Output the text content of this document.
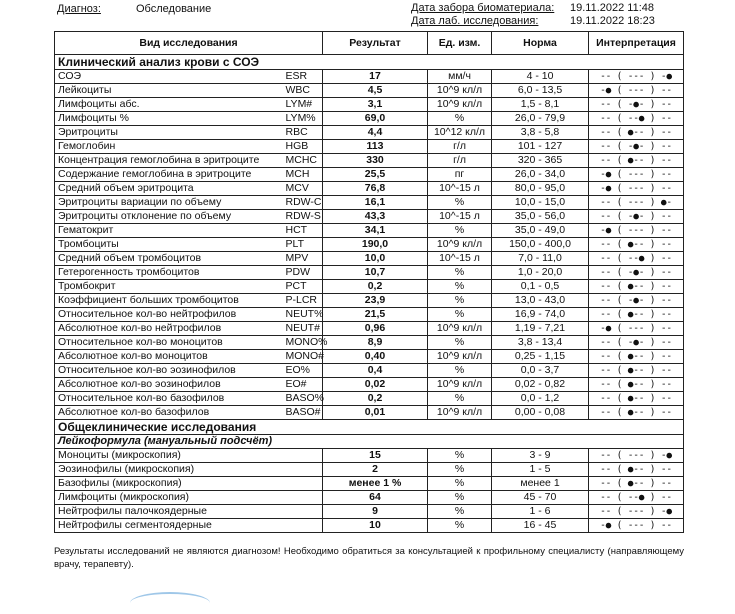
Диагноз:	Обследование	Дата забора биоматериала: 19.11.2022 11:48
Дата лаб. исследования:	19.11.2022 18:23
Вид исследования		Результат	Ед. изм.	Норма	Интерпретация
Клинический анализ крови с СОЭ					
СОЭ	ESR	17	мм/ч	4 - 10	-- ( --- ) -●
Лейкоциты	WBC	4,5	10^9 кл/л	6,0 - 13,5	-● ( --- ) --
Лимфоциты абс.	LYM#	3,1	10^9 кл/л	1,5 - 8,1	-- ( -●- ) --
Лимфоциты %	LYM%	69,0	%	26,0 - 79,9	-- ( --● ) --
Эритроциты	RBC	4,4	10^12 кл/л	3,8 - 5,8	-- ( ●-- ) --
Гемоглобин	HGB	113	г/л	101 - 127	-- ( -●- ) --
Концентрация гемоглобина в эритроците	MCHC	330	г/л	320 - 365	-- ( ●-- ) --
Содержание гемоглобина в эритроците	MCH	25,5	пг	26,0 - 34,0	-● ( --- ) --
Средний объем эритроцита	MCV	76,8	10^-15 л	80,0 - 95,0	-● ( --- ) --
Эритроциты вариации по объему	RDW-C	16,1	%	10,0 - 15,0	-- ( --- ) ●-
Эритроциты отклонение по объему	RDW-S	43,3	10^-15 л	35,0 - 56,0	-- ( -●- ) --
Гематокрит	HCT	34,1	%	35,0 - 49,0	-● ( --- ) --
Тромбоциты	PLT	190,0	10^9 кл/л	150,0 - 400,0	-- ( ●-- ) --
Средний объем тромбоцитов	MPV	10,0	10^-15 л	7,0 - 11,0	-- ( --● ) --
Гетерогенность тромбоцитов	PDW	10,7	%	1,0 - 20,0	-- ( -●- ) --
Тромбокрит	PCT	0,2	%	0,1 - 0,5	-- ( ●-- ) --
Коэффициент больших тромбоцитов	P-LCR	23,9	%	13,0 - 43,0	-- ( -●- ) --
Относительное кол-во нейтрофилов	NEUT%	21,5	%	16,9 - 74,0	-- ( ●-- ) --
Абсолютное кол-во нейтрофилов	NEUT#	0,96	10^9 кл/л	1,19 - 7,21	-● ( --- ) --
Относительное кол-во моноцитов	MONO%	8,9	%	3,8 - 13,4	-- ( -●- ) --
Абсолютное кол-во моноцитов	MONO#	0,40	10^9 кл/л	0,25 - 1,15	-- ( ●-- ) --
Относительное кол-во эозинофилов	EO%	0,4	%	0,0 - 3,7	-- ( ●-- ) --
Абсолютное кол-во эозинофилов	EO#	0,02	10^9 кл/л	0,02 - 0,82	-- ( ●-- ) --
Относительное кол-во базофилов	BASO%	0,2	%	0,0 - 1,2	-- ( ●-- ) --
Абсолютное кол-во базофилов	BASO#	0,01	10^9 кл/л	0,00 - 0,08	-- ( ●-- ) --
Общеклинические исследования					
Лейкоформула (мануальный подсчёт)					
Моноциты (микроскопия)		15	%	3 - 9	-- ( --- ) -●
Эозинофилы (микроскопия)		2	%	1 - 5	-- ( ●-- ) --
Базофилы (микроскопия)		менее 1 %	%	менее 1	-- ( ●-- ) --
Лимфоциты (микроскопия)		64	%	45 - 70	-- ( --● ) --
Нейтрофилы палочкоядерные		9	%	1 - 6	-- ( --- ) -●
Нейтрофилы сегментоядерные		10	%	16 - 45	-● ( --- ) --
Результаты исследований не являются диагнозом! Необходимо обратиться за консультацией к профильному специалисту (направляющему врачу, терапевту).
